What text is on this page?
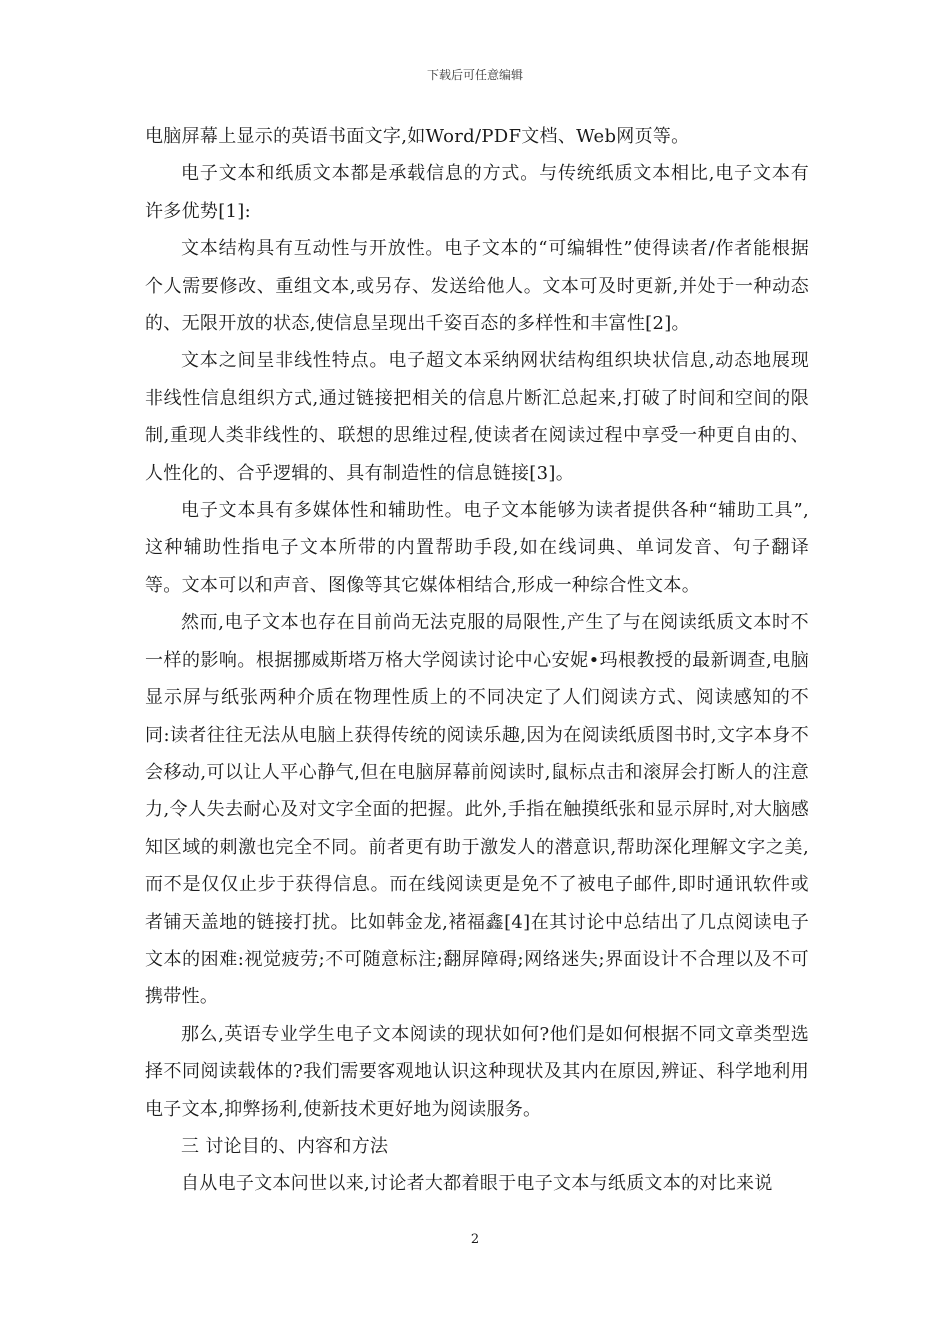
下载后可任意编辑

电脑屏幕上显示的英语书面文字,如Word/PDF文档、Web网页等。

电子文本和纸质文本都是承载信息的方式。与传统纸质文本相比,电子文本有许多优势[1]:

文本结构具有互动性与开放性。电子文本的“可编辑性”使得读者/作者能根据个人需要修改、重组文本,或另存、发送给他人。文本可及时更新,并处于一种动态的、无限开放的状态,使信息呈现出千姿百态的多样性和丰富性[2]。

文本之间呈非线性特点。电子超文本采纳网状结构组织块状信息,动态地展现非线性信息组织方式,通过链接把相关的信息片断汇总起来,打破了时间和空间的限制,重现人类非线性的、联想的思维过程,使读者在阅读过程中享受一种更自由的、人性化的、合乎逻辑的、具有制造性的信息链接[3]。

电子文本具有多媒体性和辅助性。电子文本能够为读者提供各种“辅助工具”,这种辅助性指电子文本所带的内置帮助手段,如在线词典、单词发音、句子翻译等。文本可以和声音、图像等其它媒体相结合,形成一种综合性文本。

然而,电子文本也存在目前尚无法克服的局限性,产生了与在阅读纸质文本时不一样的影响。根据挪威斯塔万格大学阅读讨论中心安妮•玛根教授的最新调查,电脑显示屏与纸张两种介质在物理性质上的不同决定了人们阅读方式、阅读感知的不同:读者往往无法从电脑上获得传统的阅读乐趣,因为在阅读纸质图书时,文字本身不会移动,可以让人平心静气,但在电脑屏幕前阅读时,鼠标点击和滚屏会打断人的注意力,令人失去耐心及对文字全面的把握。此外,手指在触摸纸张和显示屏时,对大脑感知区域的刺激也完全不同。前者更有助于激发人的潜意识,帮助深化理解文字之美,而不是仅仅止步于获得信息。而在线阅读更是免不了被电子邮件,即时通讯软件或者铺天盖地的链接打扰。比如韩金龙,褚福鑫[4]在其讨论中总结出了几点阅读电子文本的困难:视觉疲劳;不可随意标注;翻屏障碍;网络迷失;界面设计不合理以及不可携带性。

那么,英语专业学生电子文本阅读的现状如何?他们是如何根据不同文章类型选择不同阅读载体的?我们需要客观地认识这种现状及其内在原因,辨证、科学地利用电子文本,抑弊扬利,使新技术更好地为阅读服务。

三 讨论目的、内容和方法

自从电子文本问世以来,讨论者大都着眼于电子文本与纸质文本的对比来说

2
